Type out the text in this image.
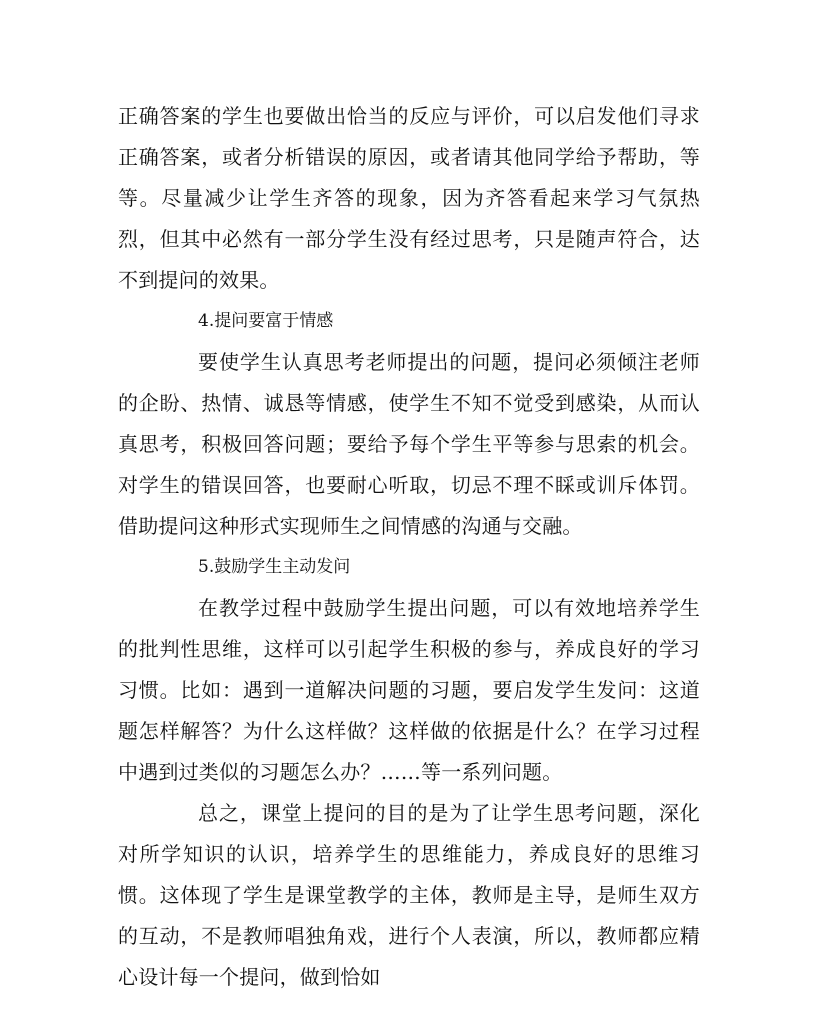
正确答案的学生也要做出恰当的反应与评价，可以启发他们寻求正确答案，或者分析错误的原因，或者请其他同学给予帮助，等等。尽量减少让学生齐答的现象，因为齐答看起来学习气氛热烈，但其中必然有一部分学生没有经过思考，只是随声符合，达不到提问的效果。

4.提问要富于情感

要使学生认真思考老师提出的问题，提问必须倾注老师的企盼、热情、诚恳等情感，使学生不知不觉受到感染，从而认真思考，积极回答问题；要给予每个学生平等参与思索的机会。对学生的错误回答，也要耐心听取，切忌不理不睬或训斥体罚。借助提问这种形式实现师生之间情感的沟通与交融。

5.鼓励学生主动发问

在教学过程中鼓励学生提出问题，可以有效地培养学生的批判性思维，这样可以引起学生积极的参与，养成良好的学习习惯。比如：遇到一道解决问题的习题，要启发学生发问：这道题怎样解答？为什么这样做？这样做的依据是什么？在学习过程中遇到过类似的习题怎么办？……等一系列问题。

总之，课堂上提问的目的是为了让学生思考问题，深化对所学知识的认识，培养学生的思维能力，养成良好的思维习惯。这体现了学生是课堂教学的主体，教师是主导，是师生双方的互动，不是教师唱独角戏，进行个人表演，所以，教师都应精心设计每一个提问，做到恰如
